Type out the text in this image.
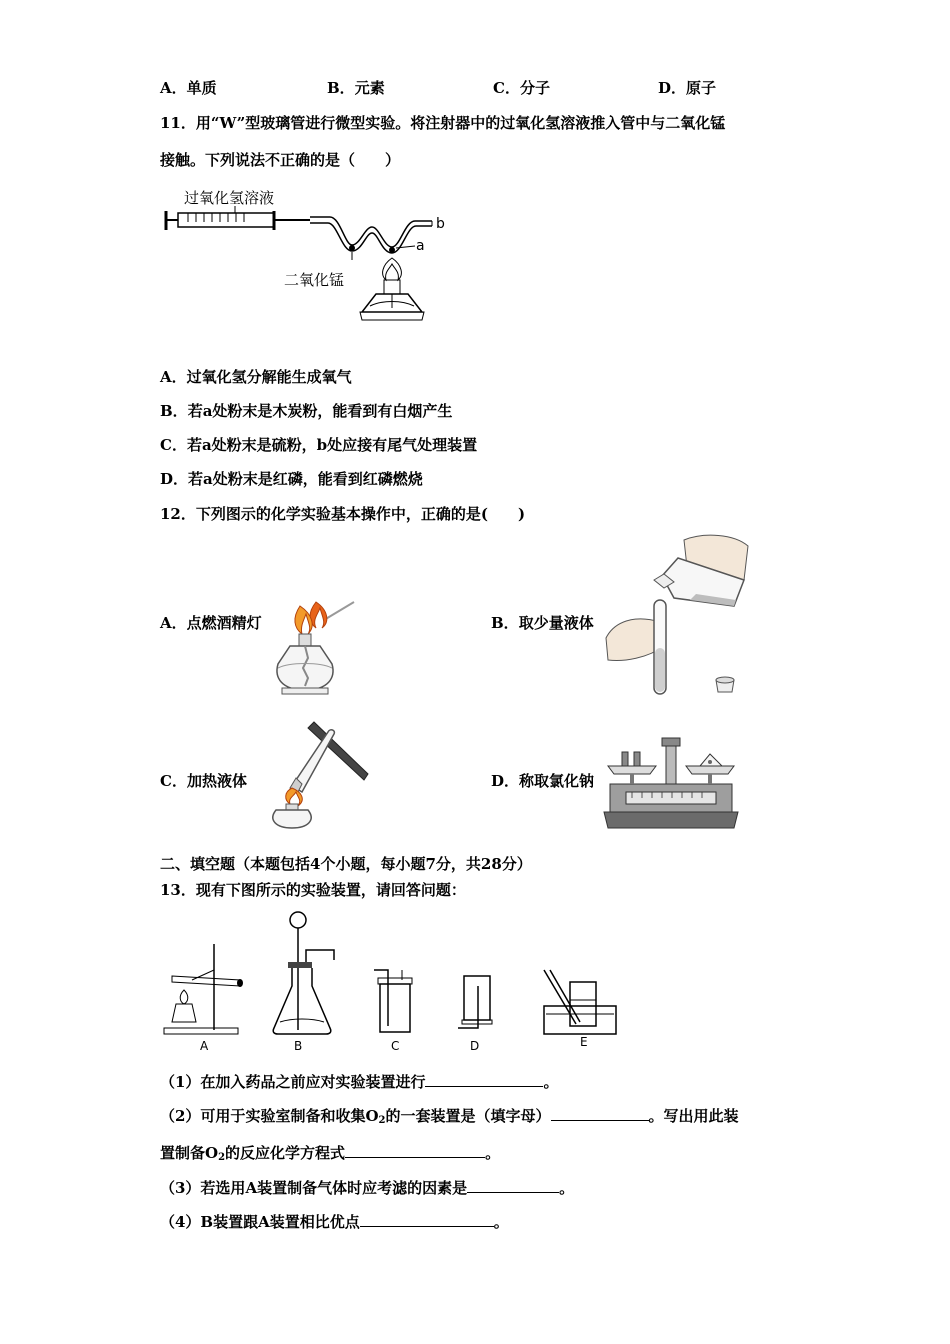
A．单质	B．元素	C．分子	D．原子
11．用“W”型玻璃管进行微型实验。将注射器中的过氧化氢溶液推入管中与二氧化锰
接触。下列说法不正确的是（　　）
过氧化氢溶液
b
a
二氧化锰
A．过氧化氢分解能生成氧气
B．若a处粉末是木炭粉，能看到有白烟产生
C．若a处粉末是硫粉，b处应接有尾气处理装置
D．若a处粉末是红磷，能看到红磷燃烧
12．下列图示的化学实验基本操作中，正确的是(　　)
A．点燃酒精灯	B．取少量液体
C．加热液体	D．称取氯化钠
二、填空题（本题包括4个小题，每小题7分，共28分）
13．现有下图所示的实验装置，请回答问题：
A	B	C	D	E
（1）在加入药品之前应对实验装置进行	。
（2）可用于实验室制备和收集$O_2$的一套装置是（填字母）	。写出用此装
置制备$O_2$的反应化学方程式	。
（3）若选用A装置制备气体时应考滤的因素是	。
（4）B装置跟A装置相比优点	。
